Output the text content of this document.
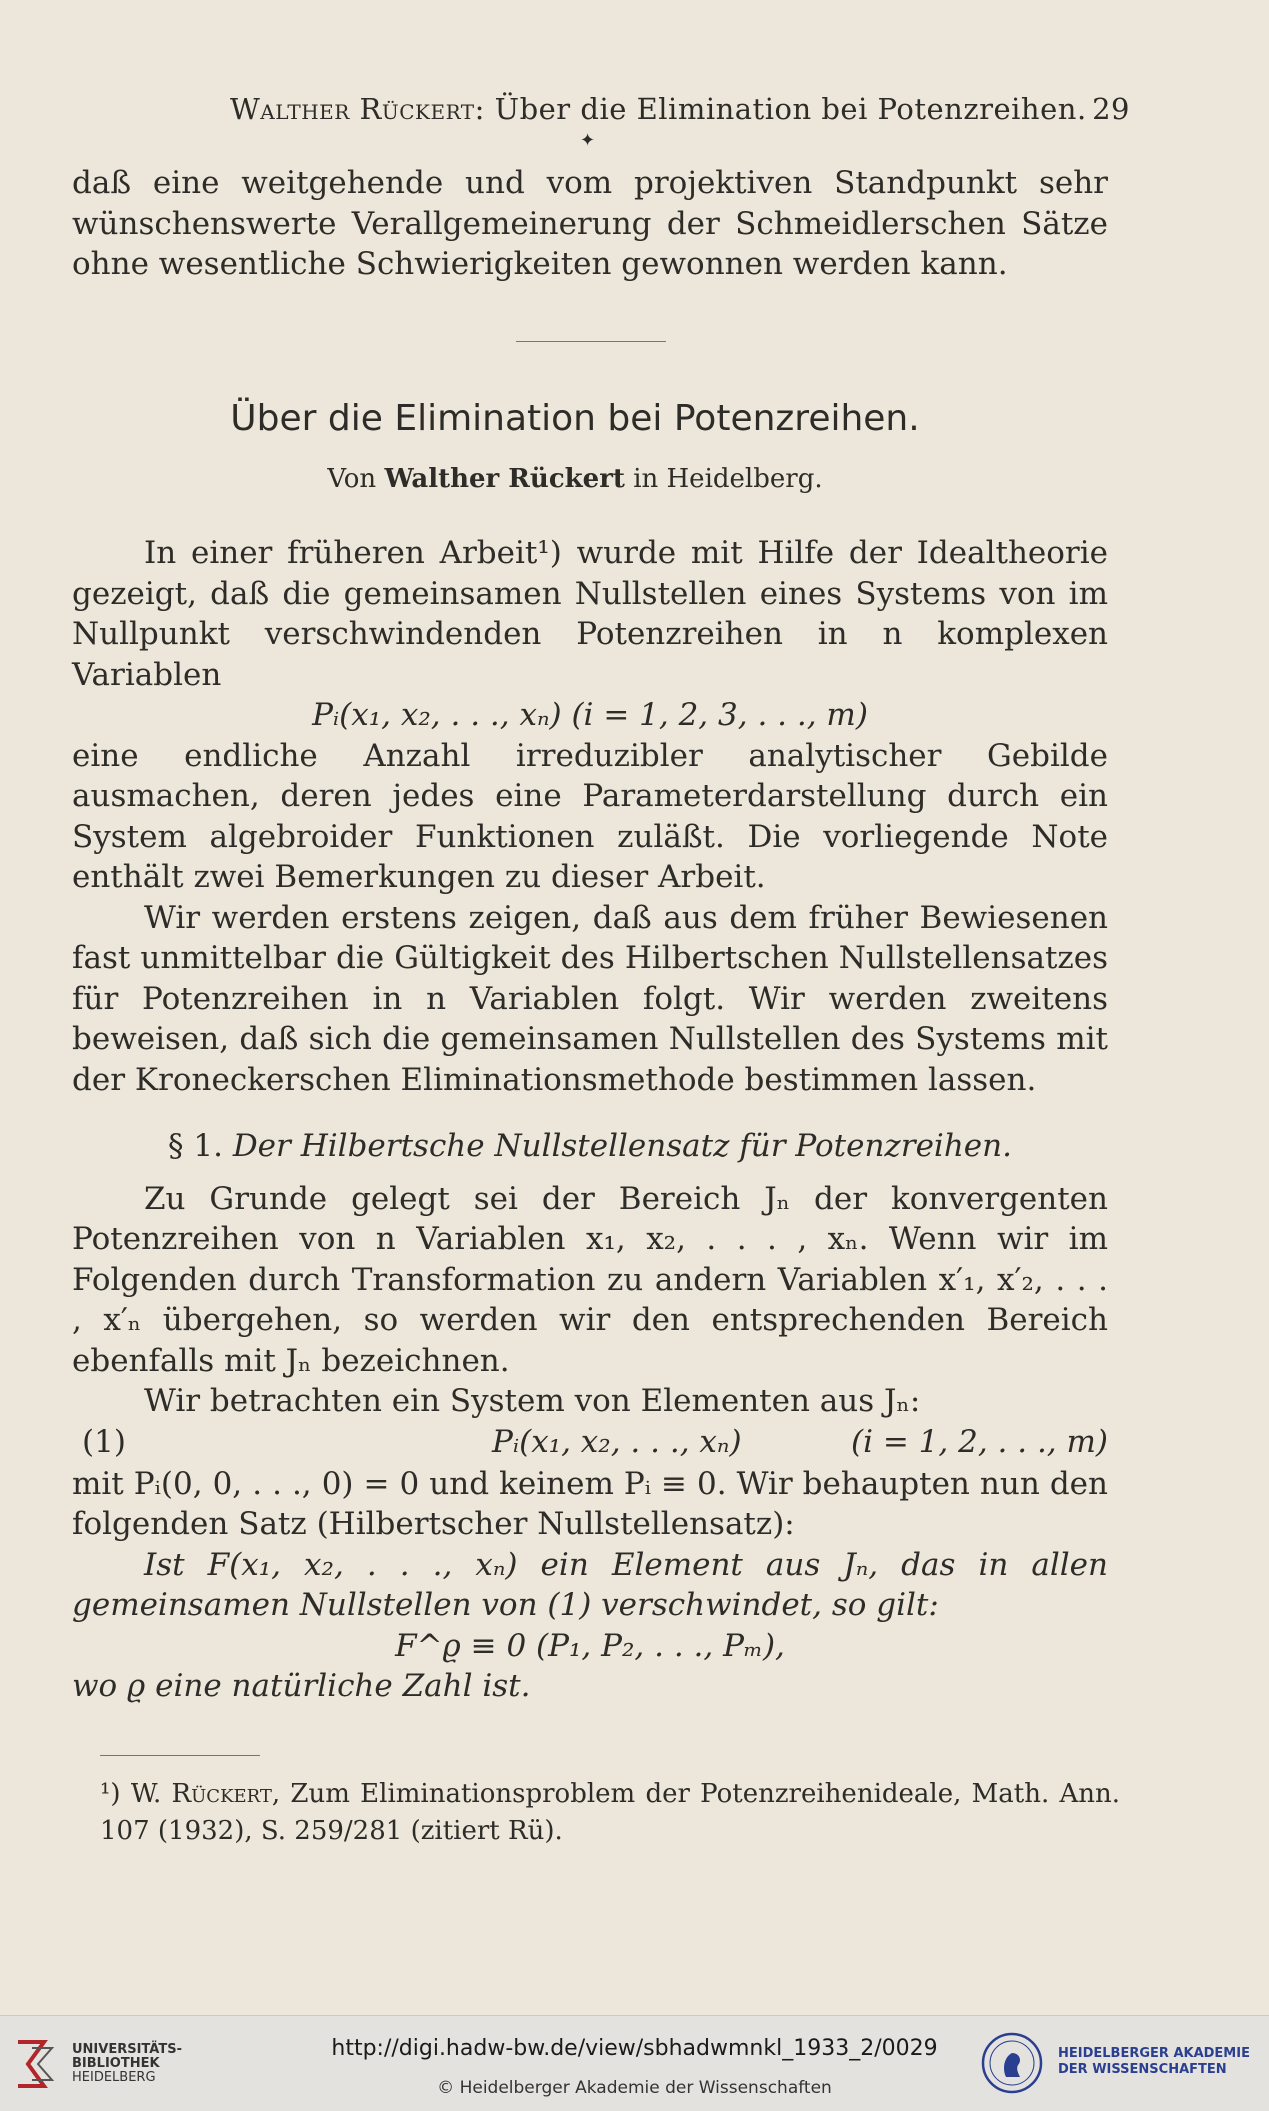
Walther Rückert: Über die Elimination bei Potenzreihen. 29
✦

daß eine weitgehende und vom projektiven Standpunkt sehr wünschenswerte Verallgemeinerung der Schmeidlerschen Sätze ohne wesentliche Schwierigkeiten gewonnen werden kann.

Über die Elimination bei Potenzreihen.
Von Walther Rückert in Heidelberg.

In einer früheren Arbeit¹) wurde mit Hilfe der Idealtheorie gezeigt, daß die gemeinsamen Nullstellen eines Systems von im Nullpunkt verschwindenden Potenzreihen in n komplexen Variablen

Pᵢ(x₁, x₂, . . ., xₙ) (i = 1, 2, 3, . . ., m)

eine endliche Anzahl irreduzibler analytischer Gebilde ausmachen, deren jedes eine Parameterdarstellung durch ein System algebroider Funktionen zuläßt. Die vorliegende Note enthält zwei Bemerkungen zu dieser Arbeit.

Wir werden erstens zeigen, daß aus dem früher Bewiesenen fast unmittelbar die Gültigkeit des Hilbertschen Nullstellensatzes für Potenzreihen in n Variablen folgt. Wir werden zweitens beweisen, daß sich die gemeinsamen Nullstellen des Systems mit der Kroneckerschen Eliminationsmethode bestimmen lassen.

§ 1. Der Hilbertsche Nullstellensatz für Potenzreihen.

Zu Grunde gelegt sei der Bereich Jₙ der konvergenten Potenzreihen von n Variablen x₁, x₂, . . . , xₙ. Wenn wir im Folgenden durch Transformation zu andern Variablen x′₁, x′₂, . . . , x′ₙ übergehen, so werden wir den entsprechenden Bereich ebenfalls mit Jₙ bezeichnen.

Wir betrachten ein System von Elementen aus Jₙ:

(1)	Pᵢ(x₁, x₂, . . ., xₙ)	(i = 1, 2, . . ., m)

mit Pᵢ(0, 0, . . ., 0) = 0 und keinem Pᵢ ≡ 0. Wir behaupten nun den folgenden Satz (Hilbertscher Nullstellensatz):

Ist F(x₁, x₂, . . ., xₙ) ein Element aus Jₙ, das in allen gemeinsamen Nullstellen von (1) verschwindet, so gilt:

F^ϱ ≡ 0 (P₁, P₂, . . ., Pₘ),

wo ϱ eine natürliche Zahl ist.

¹) W. Rückert, Zum Eliminationsproblem der Potenzreihenideale, Math. Ann. 107 (1932), S. 259/281 (zitiert Rü).
UNIVERSITÄTS-
BIBLIOTHEK
HEIDELBERG
http://digi.hadw-bw.de/view/sbhadwmnkl_1933_2/0029
© Heidelberger Akademie der Wissenschaften
HEIDELBERGER AKADEMIE
DER WISSENSCHAFTEN
